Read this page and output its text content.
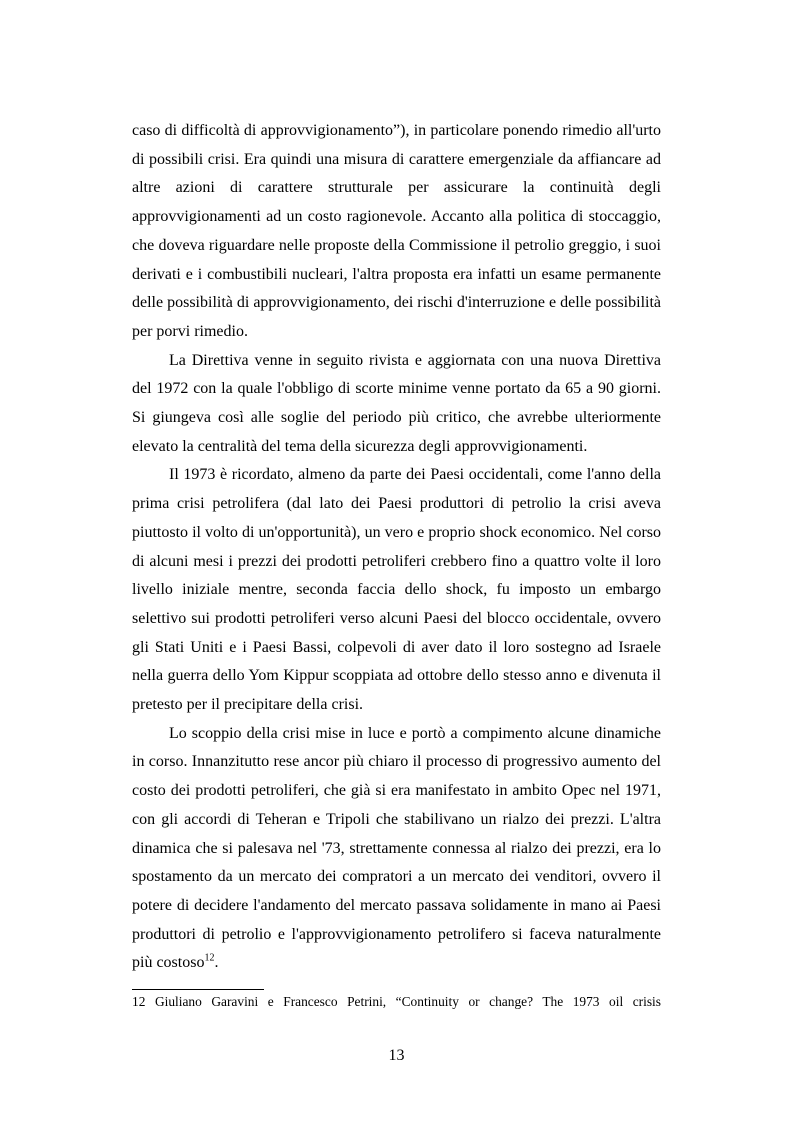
caso di difficoltà di approvvigionamento”), in particolare ponendo rimedio all'urto di possibili crisi. Era quindi una misura di carattere emergenziale da affiancare ad altre azioni di carattere strutturale per assicurare la continuità degli approvvigionamenti ad un costo ragionevole. Accanto alla politica di stoccaggio, che doveva riguardare nelle proposte della Commissione il petrolio greggio, i suoi derivati e i combustibili nucleari, l'altra proposta era infatti un esame permanente delle possibilità di approvvigionamento, dei rischi d'interruzione e delle possibilità per porvi rimedio.

La Direttiva venne in seguito rivista e aggiornata con una nuova Direttiva del 1972 con la quale l'obbligo di scorte minime venne portato da 65 a 90 giorni. Si giungeva così alle soglie del periodo più critico, che avrebbe ulteriormente elevato la centralità del tema della sicurezza degli approvvigionamenti.

Il 1973 è ricordato, almeno da parte dei Paesi occidentali, come l'anno della prima crisi petrolifera (dal lato dei Paesi produttori di petrolio la crisi aveva piuttosto il volto di un'opportunità), un vero e proprio shock economico. Nel corso di alcuni mesi i prezzi dei prodotti petroliferi crebbero fino a quattro volte il loro livello iniziale mentre, seconda faccia dello shock, fu imposto un embargo selettivo sui prodotti petroliferi verso alcuni Paesi del blocco occidentale, ovvero gli Stati Uniti e i Paesi Bassi, colpevoli di aver dato il loro sostegno ad Israele nella guerra dello Yom Kippur scoppiata ad ottobre dello stesso anno e divenuta il pretesto per il precipitare della crisi.

Lo scoppio della crisi mise in luce e portò a compimento alcune dinamiche in corso. Innanzitutto rese ancor più chiaro il processo di progressivo aumento del costo dei prodotti petroliferi, che già si era manifestato in ambito Opec nel 1971, con gli accordi di Teheran e Tripoli che stabilivano un rialzo dei prezzi. L'altra dinamica che si palesava nel '73, strettamente connessa al rialzo dei prezzi, era lo spostamento da un mercato dei compratori a un mercato dei venditori, ovvero il potere di decidere l'andamento del mercato passava solidamente in mano ai Paesi produttori di petrolio e l'approvvigionamento petrolifero si faceva naturalmente più costoso$^{12}$.

12 Giuliano Garavini e Francesco Petrini, “Continuity or change? The 1973 oil crisis
13
